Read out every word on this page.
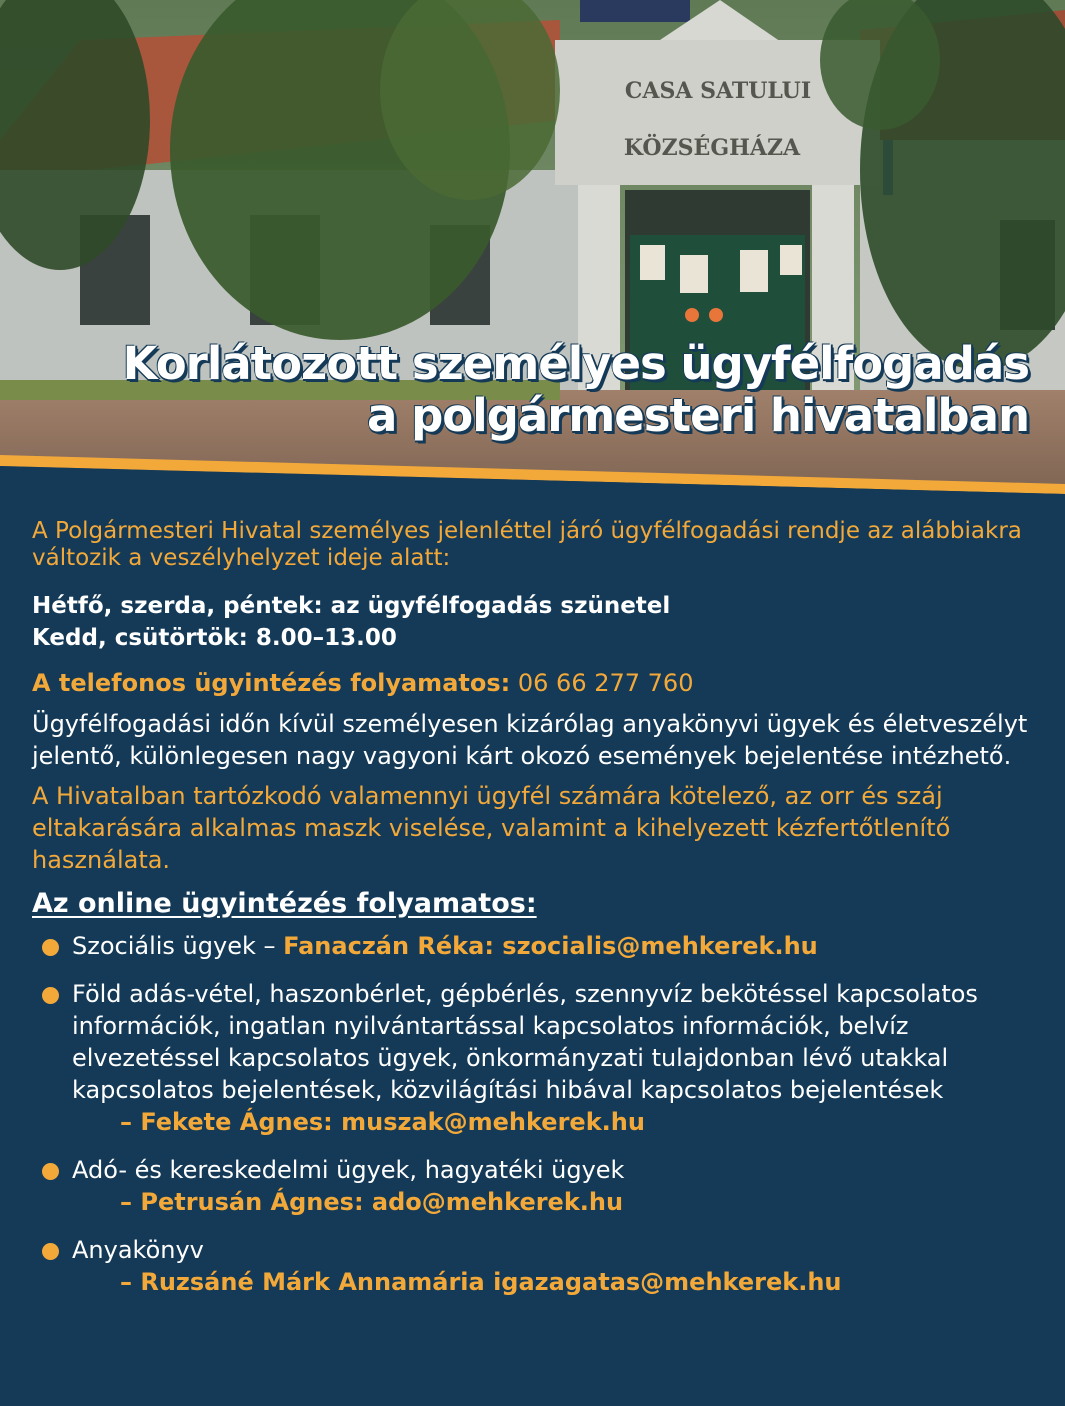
CASA SATULUI
KÖZSÉGHÁZA
Korlátozott személyes ügyfélfogadás
a polgármesteri hivatalban

A Polgármesteri Hivatal személyes jelenléttel járó ügyfélfogadási rendje az alábbiakra változik a veszélyhelyzet ideje alatt:

Hétfő, szerda, péntek: az ügyfélfogadás szünetel
Kedd, csütörtök: 8.00–13.00

A telefonos ügyintézés folyamatos: 06 66 277 760

Ügyfélfogadási időn kívül személyesen kizárólag anyakönyvi ügyek és életveszélyt jelentő, különlegesen nagy vagyoni kárt okozó események bejelentése intézhető.

A Hivatalban tartózkodó valamennyi ügyfél számára kötelező, az orr és száj eltakarására alkalmas maszk viselése, valamint a kihelyezett kézfertőtlenítő használata.

Az online ügyintézés folyamatos:
Szociális ügyek – Fanaczán Réka: szocialis@mehkerek.hu
Föld adás-vétel, haszonbérlet, gépbérlés, szennyvíz bekötéssel kapcsolatos információk, ingatlan nyilvántartással kapcsolatos információk, belvíz elvezetéssel kapcsolatos ügyek, önkormányzati tulajdonban lévő utakkal kapcsolatos bejelentések, közvilágítási hibával kapcsolatos bejelentések
– Fekete Ágnes: muszak@mehkerek.hu
Adó- és kereskedelmi ügyek, hagyatéki ügyek
– Petrusán Ágnes: ado@mehkerek.hu
Anyakönyv
– Ruzsáné Márk Annamária igazagatas@mehkerek.hu
